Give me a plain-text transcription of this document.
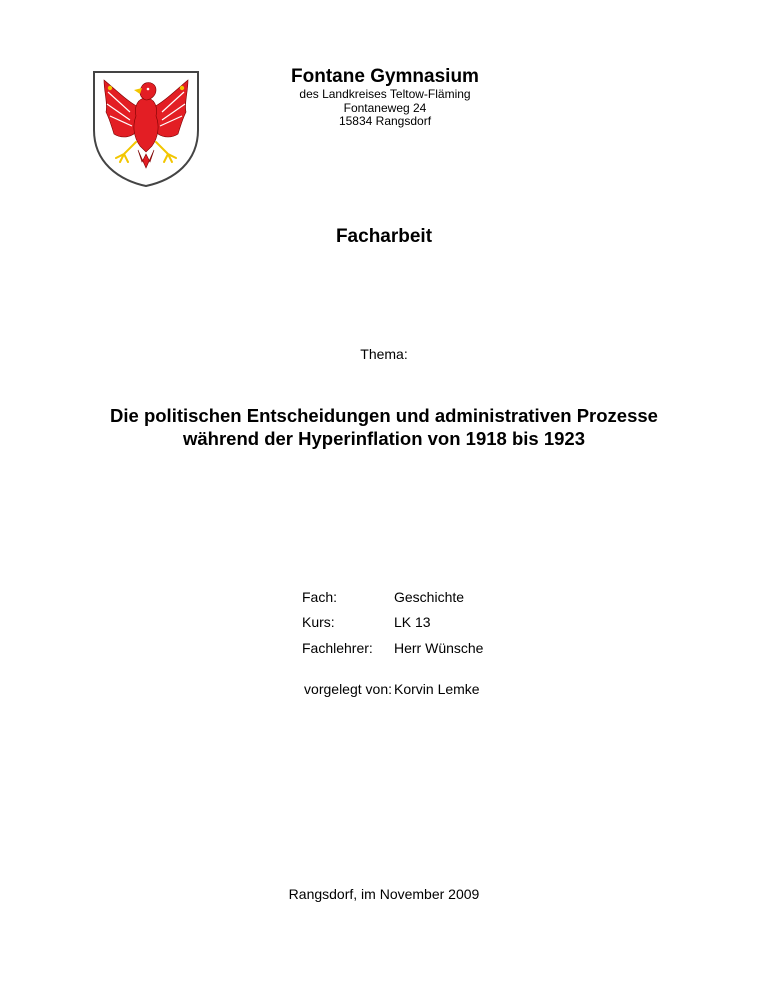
Fontane Gymnasium
des Landkreises Teltow-Fläming
Fontaneweg 24
15834 Rangsdorf
Facharbeit
Thema:
Die politischen Entscheidungen und administrativen Prozesse
während der Hyperinflation von 1918 bis 1923
Fach:	Geschichte
Kurs:	LK 13
Fachlehrer:	Herr Wünsche
vorgelegt von: Korvin Lemke
Rangsdorf, im November 2009
